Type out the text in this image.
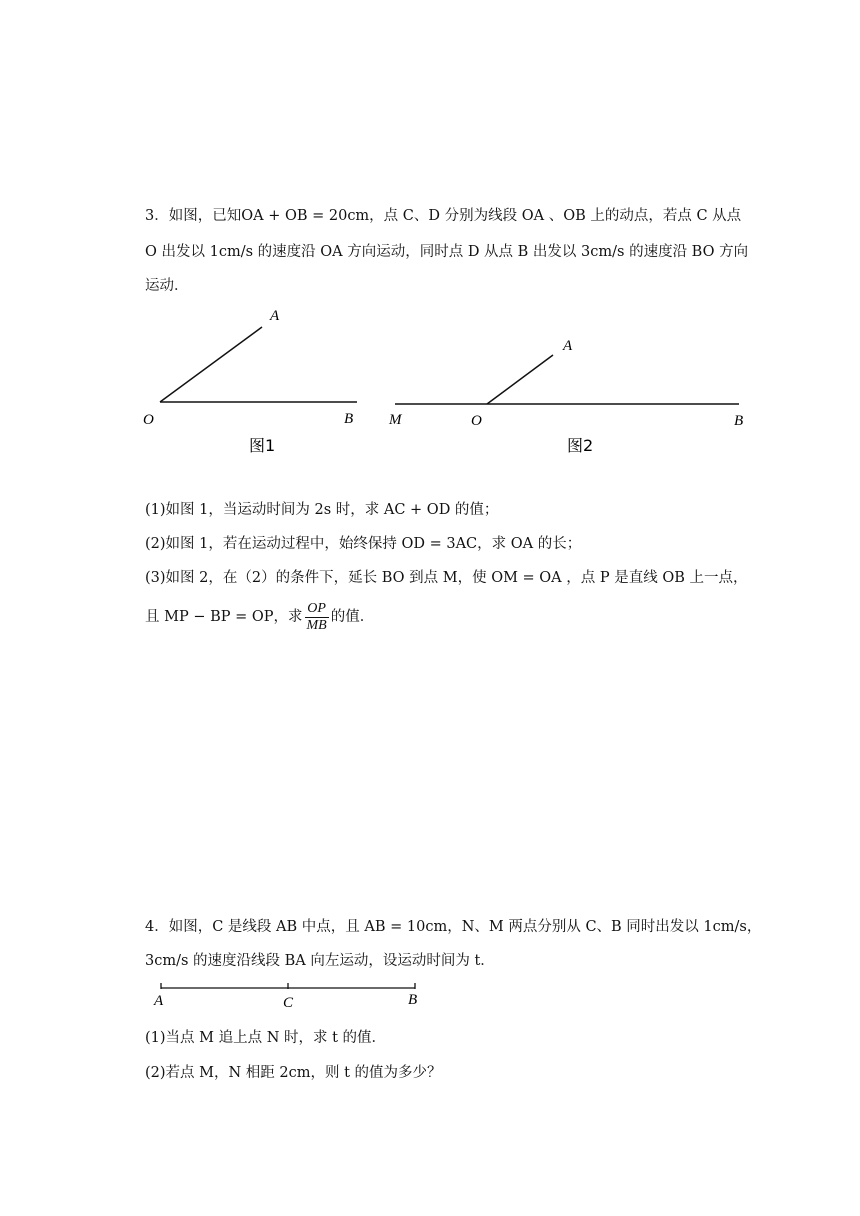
3．如图，已知OA + OB = 20cm，点 C、D 分别为线段 OA 、OB 上的动点，若点 C 从点
O 出发以 1cm/s 的速度沿 OA 方向运动，同时点 D 从点 B 出发以 3cm/s 的速度沿 BO 方向
运动．
A
O	B
图1
A
M	O	B
图2
A	C	B
(1)如图 1，当运动时间为 2s 时，求 AC + OD 的值；
(2)如图 1，若在运动过程中，始终保持 OD = 3AC，求 OA 的长；
(3)如图 2，在（2）的条件下，延长 BO 到点 M，使 OM = OA ，点 P 是直线 OB 上一点，
且 MP − BP = OP，求 $\frac{OP}{MB}$ 的值．
4．如图，C 是线段 AB 中点，且 AB = 10cm，N、M 两点分别从 C、B 同时出发以 1cm/s，
3cm/s 的速度沿线段 BA 向左运动，设运动时间为 t．
(1)当点 M 追上点 N 时，求 t 的值．
(2)若点 M，N 相距 2cm，则 t 的值为多少？
